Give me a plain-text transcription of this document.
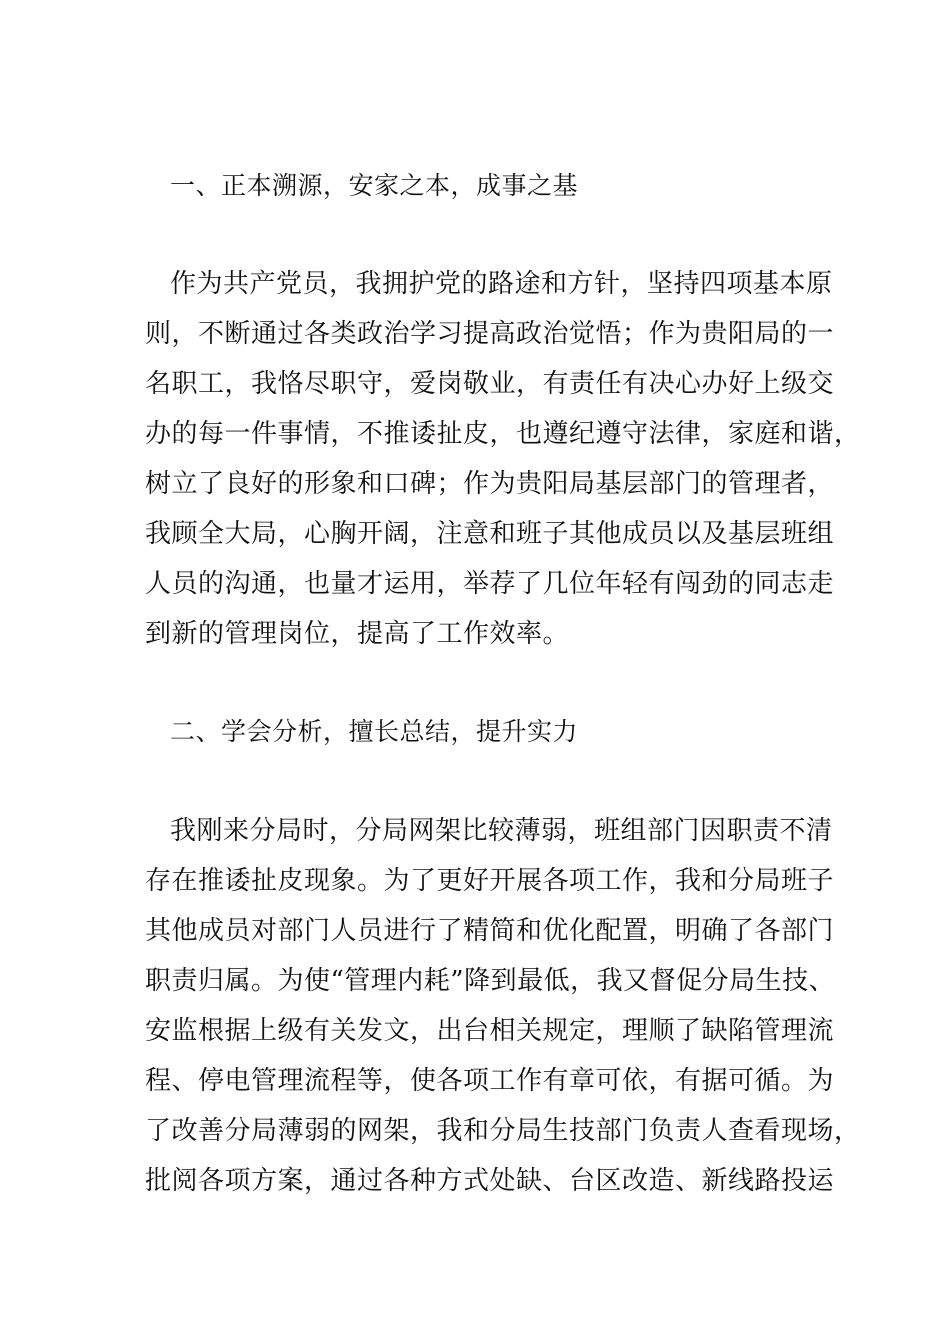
一、正本溯源，安家之本，成事之基
作为共产党员，我拥护党的路途和方针，坚持四项基本原
则，不断通过各类政治学习提高政治觉悟；作为贵阳局的一
名职工，我恪尽职守，爱岗敬业，有责任有决心办好上级交
办的每一件事情，不推诿扯皮，也遵纪遵守法律，家庭和谐，
树立了良好的形象和口碑；作为贵阳局基层部门的管理者，
我顾全大局，心胸开阔，注意和班子其他成员以及基层班组
人员的沟通，也量才运用，举荐了几位年轻有闯劲的同志走
到新的管理岗位，提高了工作效率。
二、学会分析，擅长总结，提升实力
我刚来分局时，分局网架比较薄弱，班组部门因职责不清
存在推诿扯皮现象。为了更好开展各项工作，我和分局班子
其他成员对部门人员进行了精简和优化配置，明确了各部门
职责归属。为使“管理内耗”降到最低，我又督促分局生技、
安监根据上级有关发文，出台相关规定，理顺了缺陷管理流
程、停电管理流程等，使各项工作有章可依，有据可循。为
了改善分局薄弱的网架，我和分局生技部门负责人查看现场，
批阅各项方案，通过各种方式处缺、台区改造、新线路投运
